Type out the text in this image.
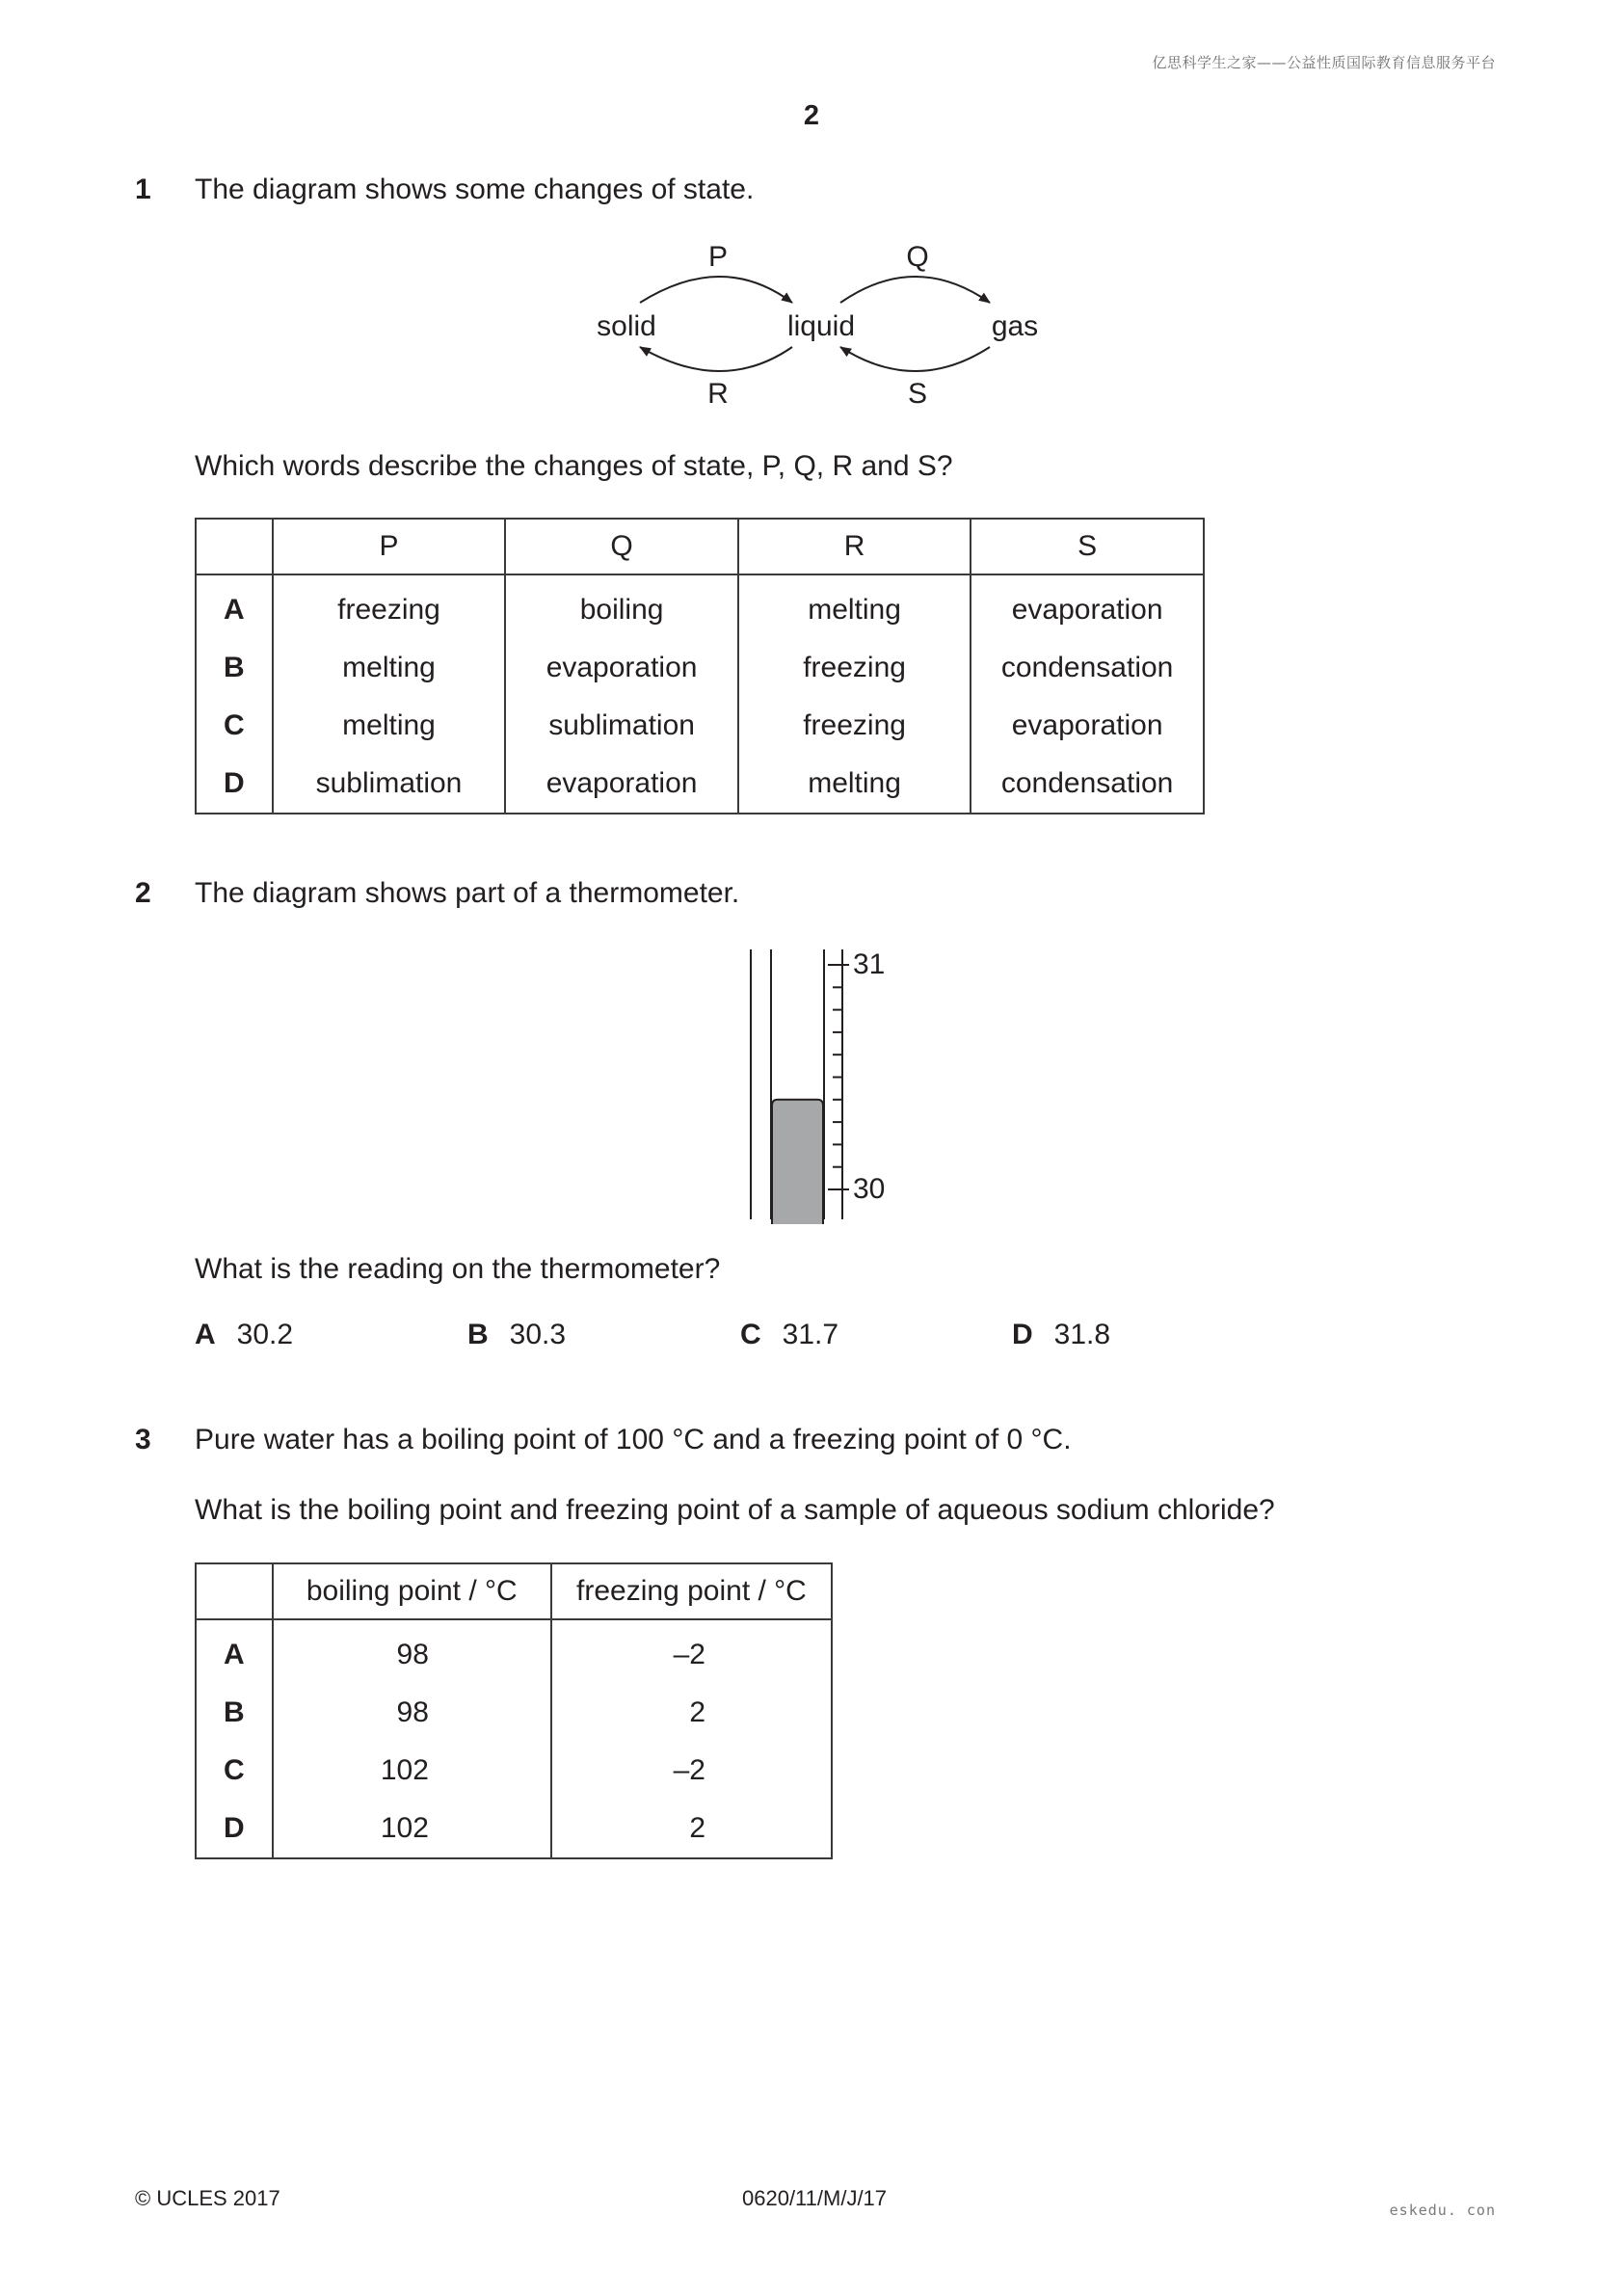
亿思科学生之家——公益性质国际教育信息服务平台
2
1 The diagram shows some changes of state.
solid	liquid	gas
P	Q
R	S
Which words describe the changes of state, P, Q, R and S?
	P	Q	R	S
A	freezing	boiling	melting	evaporation
B	melting	evaporation	freezing	condensation
C	melting	sublimation	freezing	evaporation
D	sublimation	evaporation	melting	condensation
2 The diagram shows part of a thermometer.
31
30
What is the reading on the thermometer?
A 30.2	B 30.3	C 31.7	D 31.8
3 Pure water has a boiling point of 100 °C and a freezing point of 0 °C.
What is the boiling point and freezing point of a sample of aqueous sodium chloride?
	boiling point / °C	freezing point / °C
A	98	–2
B	98	2
C	102	–2
D	102	2
© UCLES 2017	0620/11/M/J/17	eskedu. con
